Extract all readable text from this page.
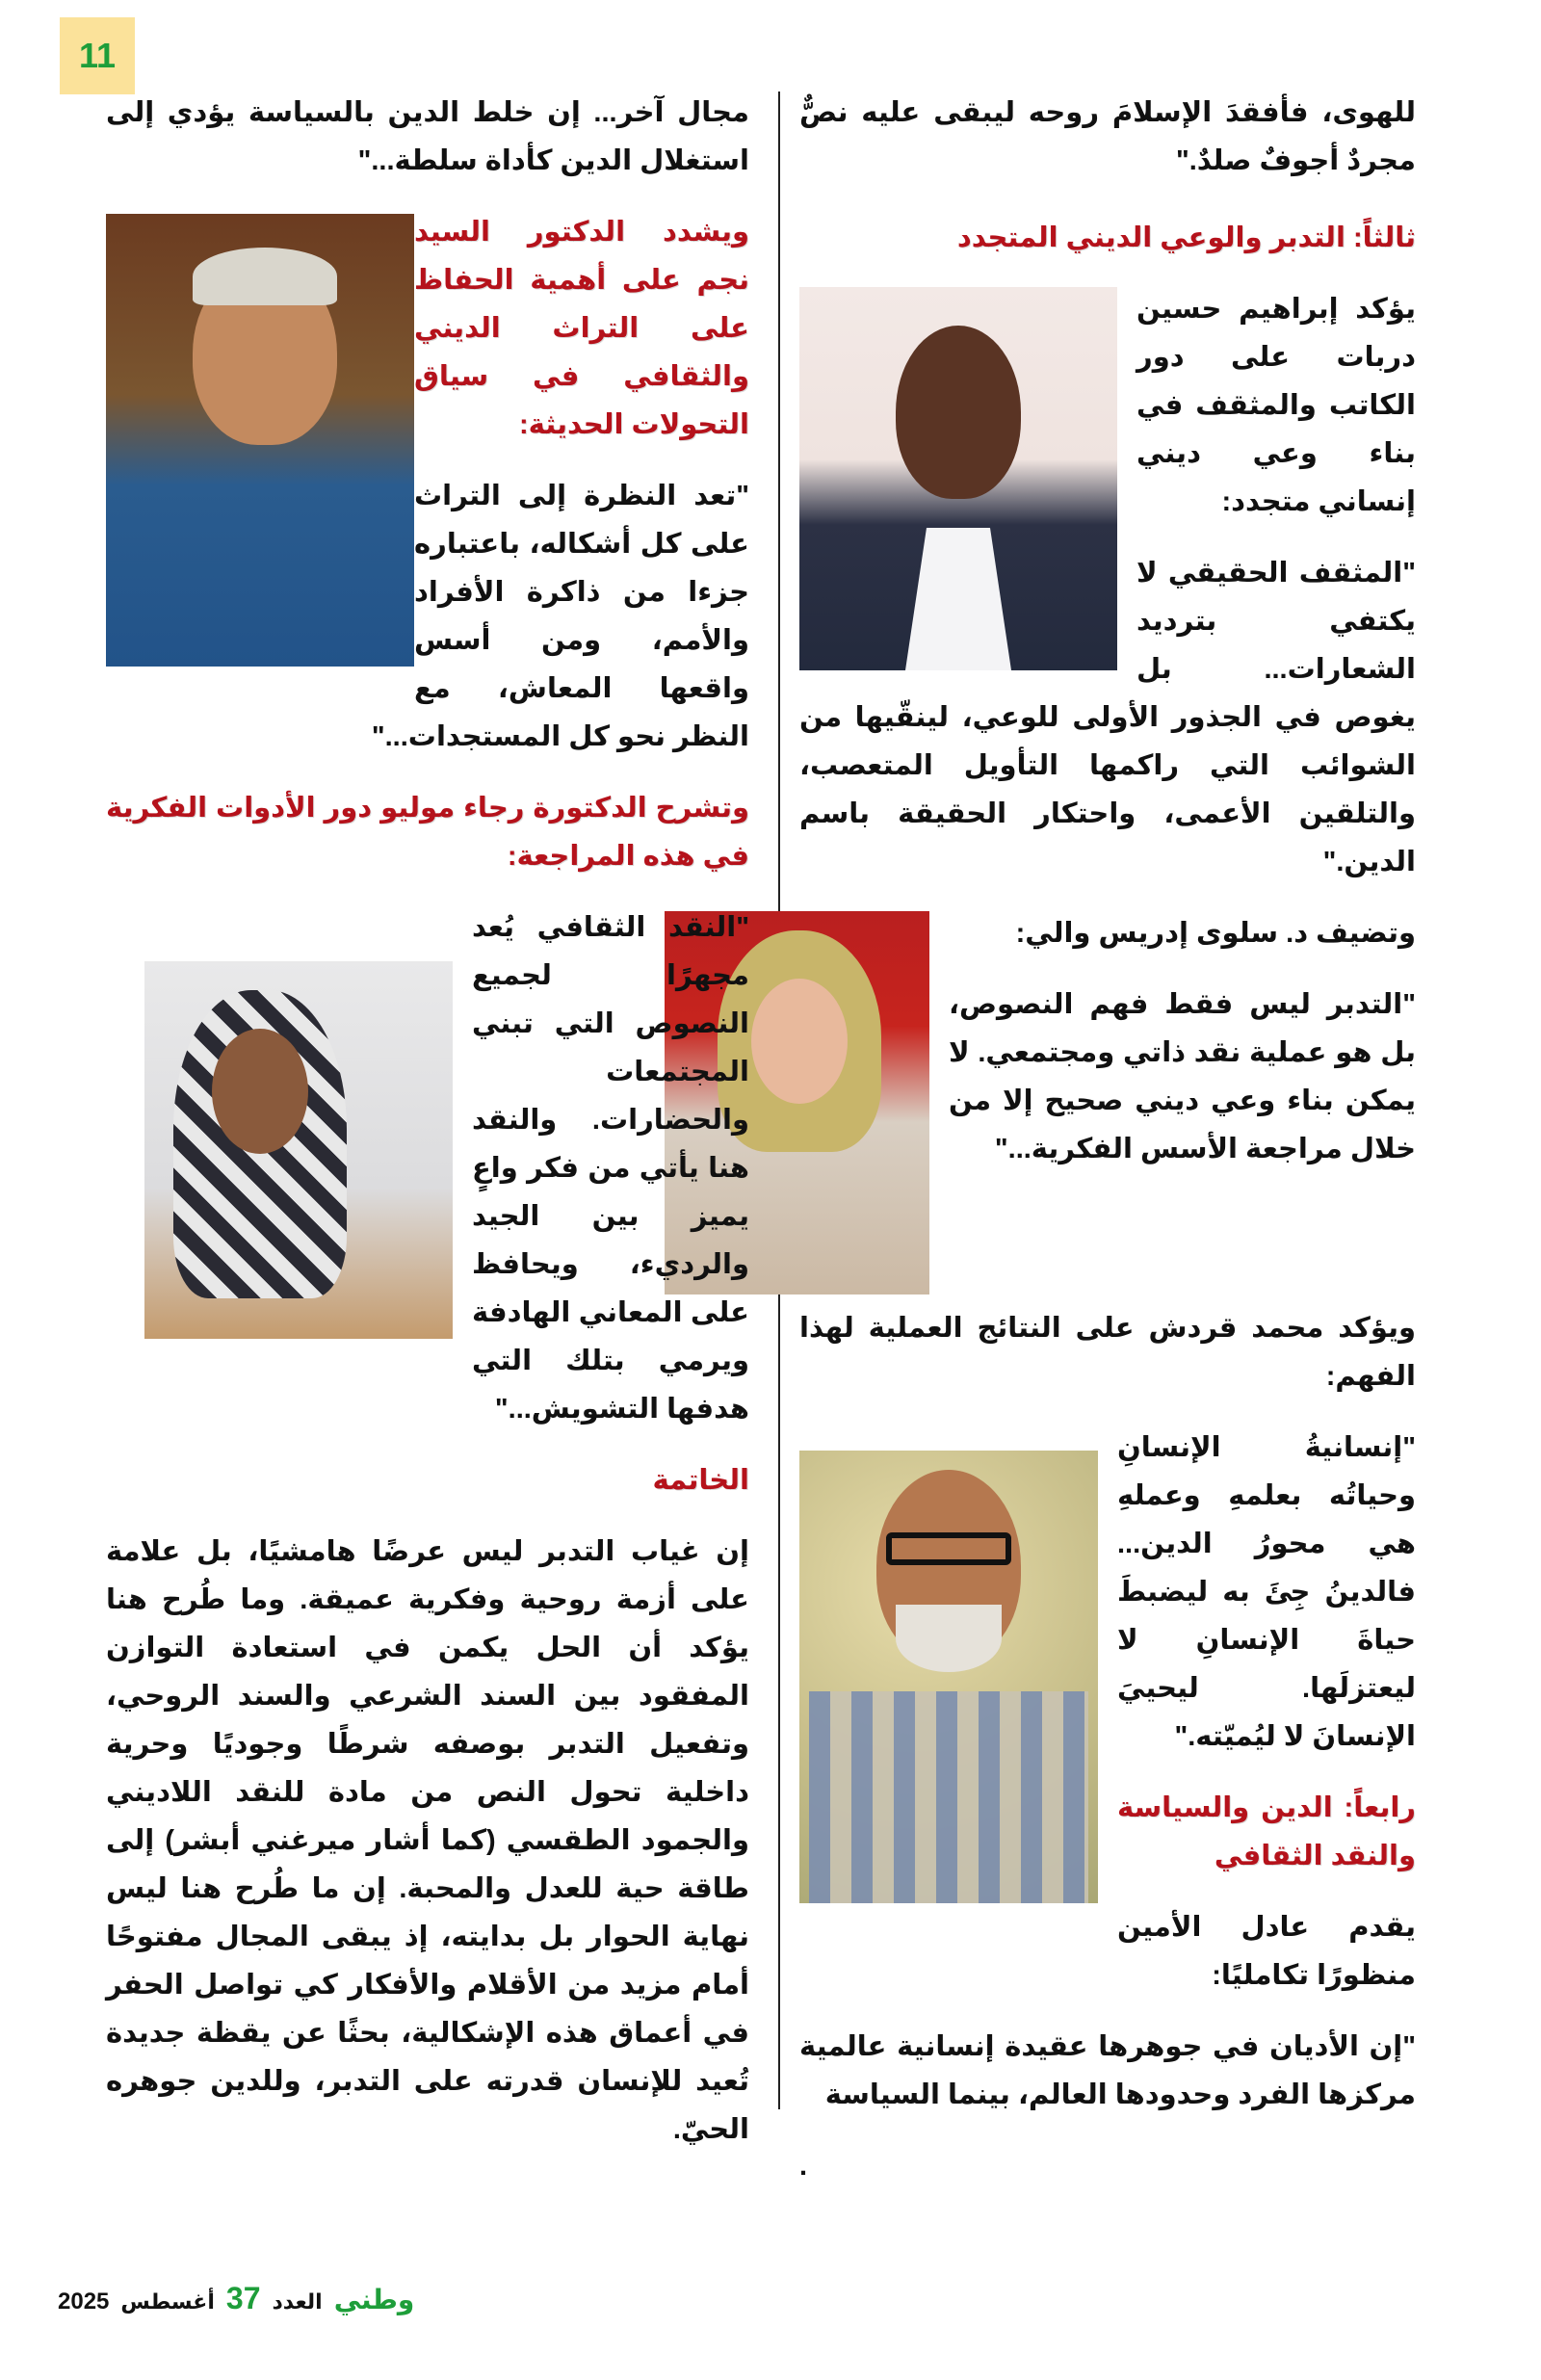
11

للهوى، فأفقدَ الإسلامَ روحه ليبقى عليه نصٌّ مجردٌ أجوفٌ صلدٌ."

ثالثاً: التدبر والوعي الديني المتجدد

يؤكد إبراهيم حسين دربات على دور الكاتب والمثقف في بناء وعي ديني إنساني متجدد:

"المثقف الحقيقي لا يكتفي بترديد الشعارات... بل يغوص في الجذور الأولى للوعي، لينقّيها من الشوائب التي راكمها التأويل المتعصب، والتلقين الأعمى، واحتكار الحقيقة باسم الدين."

وتضيف د. سلوى إدريس والي:

"التدبر ليس فقط فهم النصوص، بل هو عملية نقد ذاتي ومجتمعي. لا يمكن بناء وعي ديني صحيح إلا من خلال مراجعة الأسس الفكرية..."

ويؤكد محمد قردش على النتائج العملية لهذا الفهم:

"إنسانيةُ الإنسانِ وحياتُه بعلمهِ وعملهِ هي محورُ الدين... فالدينُ جِئَ به ليضبطَ حياةَ الإنسانِ لا ليعتزلَها. ليحييَ الإنسانَ لا ليُميّته."

رابعاً: الدين والسياسة والنقد الثقافي

يقدم عادل الأمين منظورًا تكامليًا:

"إن الأديان في جوهرها عقيدة إنسانية عالمية مركزها الفرد وحدودها العالم، بينما السياسة

.

مجال آخر... إن خلط الدين بالسياسة يؤدي إلى استغلال الدين كأداة سلطة..."

ويشدد الدكتور السيد نجم على أهمية الحفاظ على التراث الديني والثقافي في سياق التحولات الحديثة:

"تعد النظرة إلى التراث على كل أشكاله، باعتباره جزءا من ذاكرة الأفراد والأمم، ومن أسس واقعها المعاش، مع النظر نحو كل المستجدات..."

وتشرح الدكتورة رجاء موليو دور الأدوات الفكرية في هذه المراجعة:

"النقد الثقافي يُعد مجهرًا لجميع النصوص التي تبني المجتمعات والحضارات. والنقد هنا يأتي من فكر واعٍ يميز بين الجيد والرديء، ويحافظ على المعاني الهادفة ويرمي بتلك التي هدفها التشويش..."

الخاتمة

إن غياب التدبر ليس عرضًا هامشيًا، بل علامة على أزمة روحية وفكرية عميقة. وما طُرح هنا يؤكد أن الحل يكمن في استعادة التوازن المفقود بين السند الشرعي والسند الروحي، وتفعيل التدبر بوصفه شرطًا وجوديًا وحرية داخلية تحول النص من مادة للنقد اللاديني والجمود الطقسي (كما أشار ميرغني أبشر) إلى طاقة حية للعدل والمحبة. إن ما طُرح هنا ليس نهاية الحوار بل بدايته، إذ يبقى المجال مفتوحًا أمام مزيد من الأقلام والأفكار كي تواصل الحفر في أعماق هذه الإشكالية، بحثًا عن يقظة جديدة تُعيد للإنسان قدرته على التدبر، وللدين جوهره الحيّ.

وطني
العدد
37
أغسطس
2025
